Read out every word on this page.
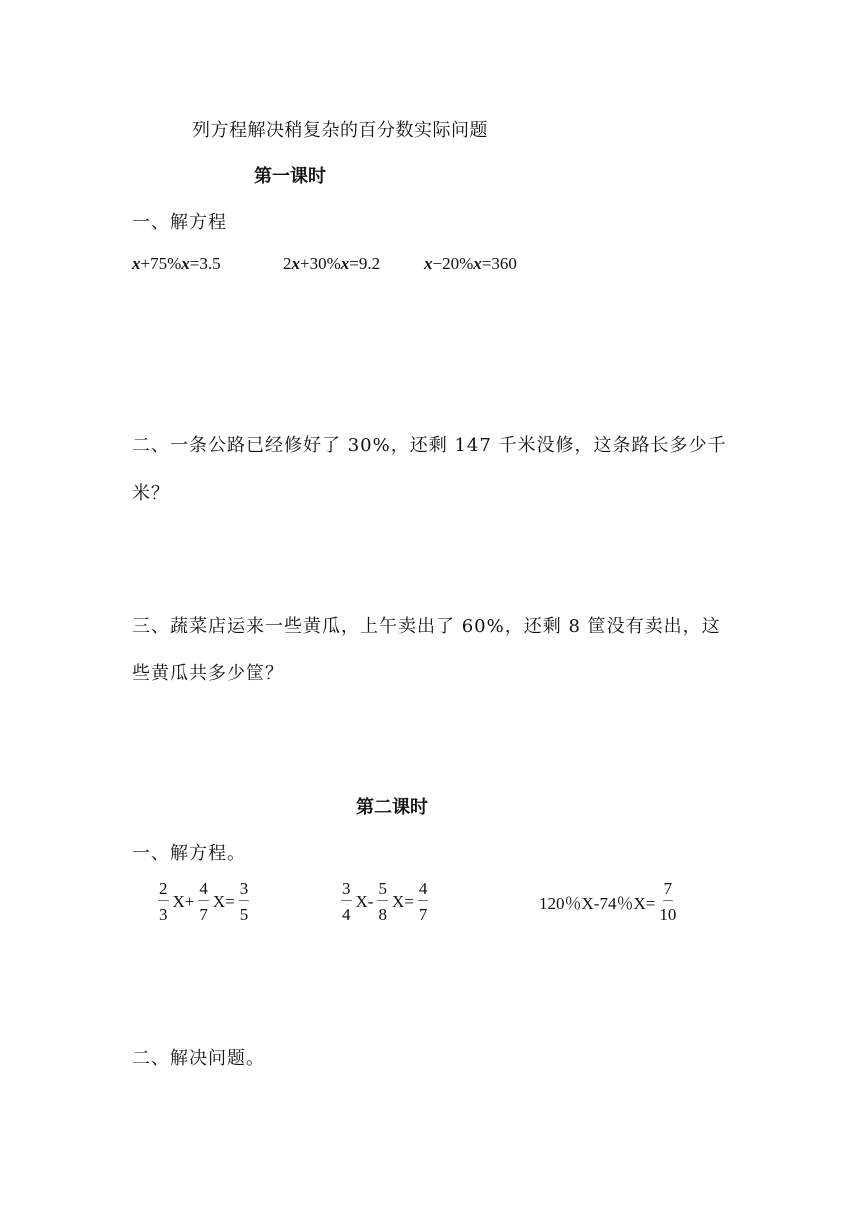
列方程解决稍复杂的百分数实际问题
第一课时
一、解方程
x+75%x=3.5	2x+30%x=9.2	x−20%x=360
二、一条公路已经修好了 30%，还剩 147 千米没修，这条路长多少千
米？
三、蔬菜店运来一些黄瓜，上午卖出了 60%，还剩 8 筐没有卖出，这
些黄瓜共多少筐？
第二课时
一、解方程。
$\frac{2}{3} X+ \frac{4}{7} X= \frac{3}{5}$	$\frac{3}{4} X- \frac{5}{8} X= \frac{4}{7}$	120％X-74％$X= \frac{7}{10}$
二、解决问题。
